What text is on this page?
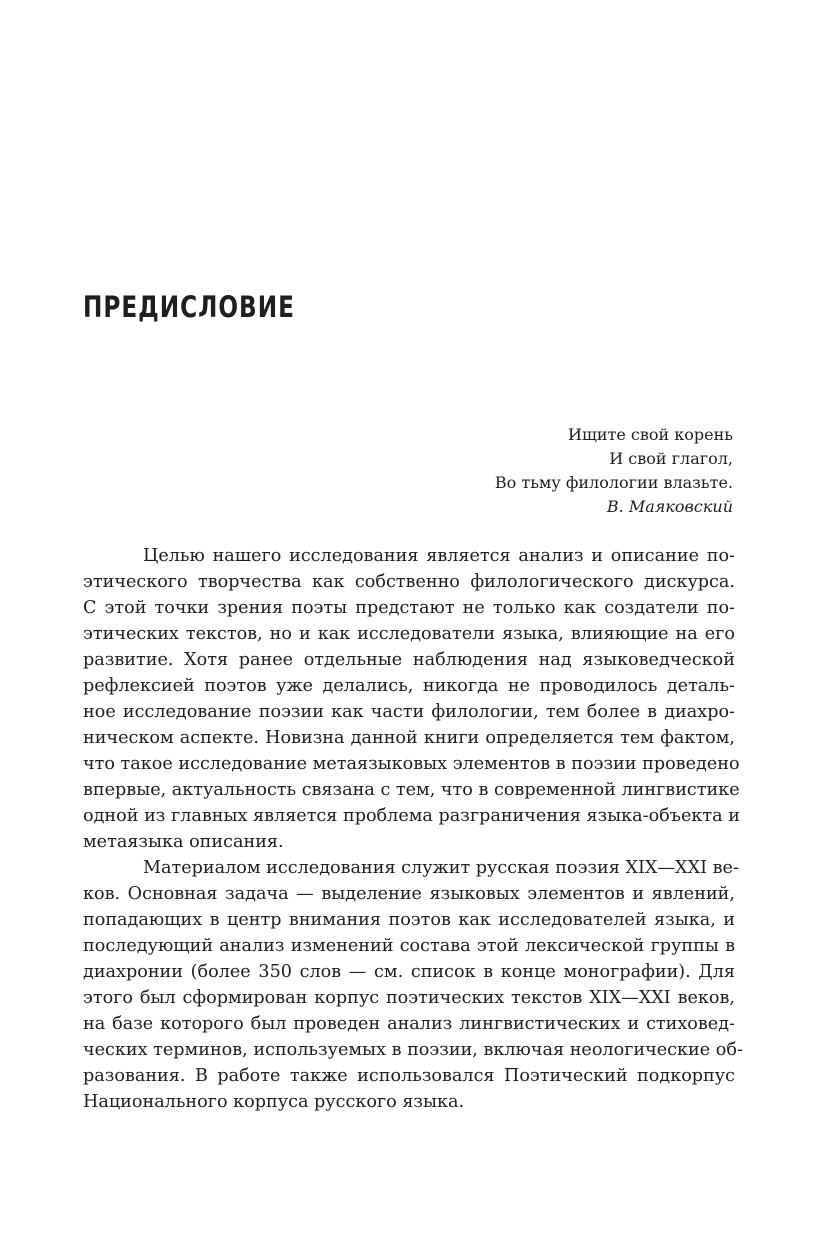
ПРЕДИСЛОВИЕ
Ищите свой корень
И свой глагол,
Во тьму филологии влазьте.
В. Маяковский
Целью нашего исследования является анализ и описание по-
этического творчества как собственно филологического дискурса.
С этой точки зрения поэты предстают не только как создатели по-
этических текстов, но и как исследователи языка, влияющие на его
развитие. Хотя ранее отдельные наблюдения над языковедческой
рефлексией поэтов уже делались, никогда не проводилось деталь-
ное исследование поэзии как части филологии, тем более в диахро-
ническом аспекте. Новизна данной книги определяется тем фактом,
что такое исследование метаязыковых элементов в поэзии проведено
впервые, актуальность связана с тем, что в современной лингвистике
одной из главных является проблема разграничения языка-объекта и
метаязыка описания.
Материалом исследования служит русская поэзия XIX—XXI ве-
ков. Основная задача — выделение языковых элементов и явлений,
попадающих в центр внимания поэтов как исследователей языка, и
последующий анализ изменений состава этой лексической группы в
диахронии (более 350 слов — см. список в конце монографии). Для
этого был сформирован корпус поэтических текстов XIX—XXI веков,
на базе которого был проведен анализ лингвистических и стиховед-
ческих терминов, используемых в поэзии, включая неологические об-
разования. В работе также использовался Поэтический подкорпус
Национального корпуса русского языка.
